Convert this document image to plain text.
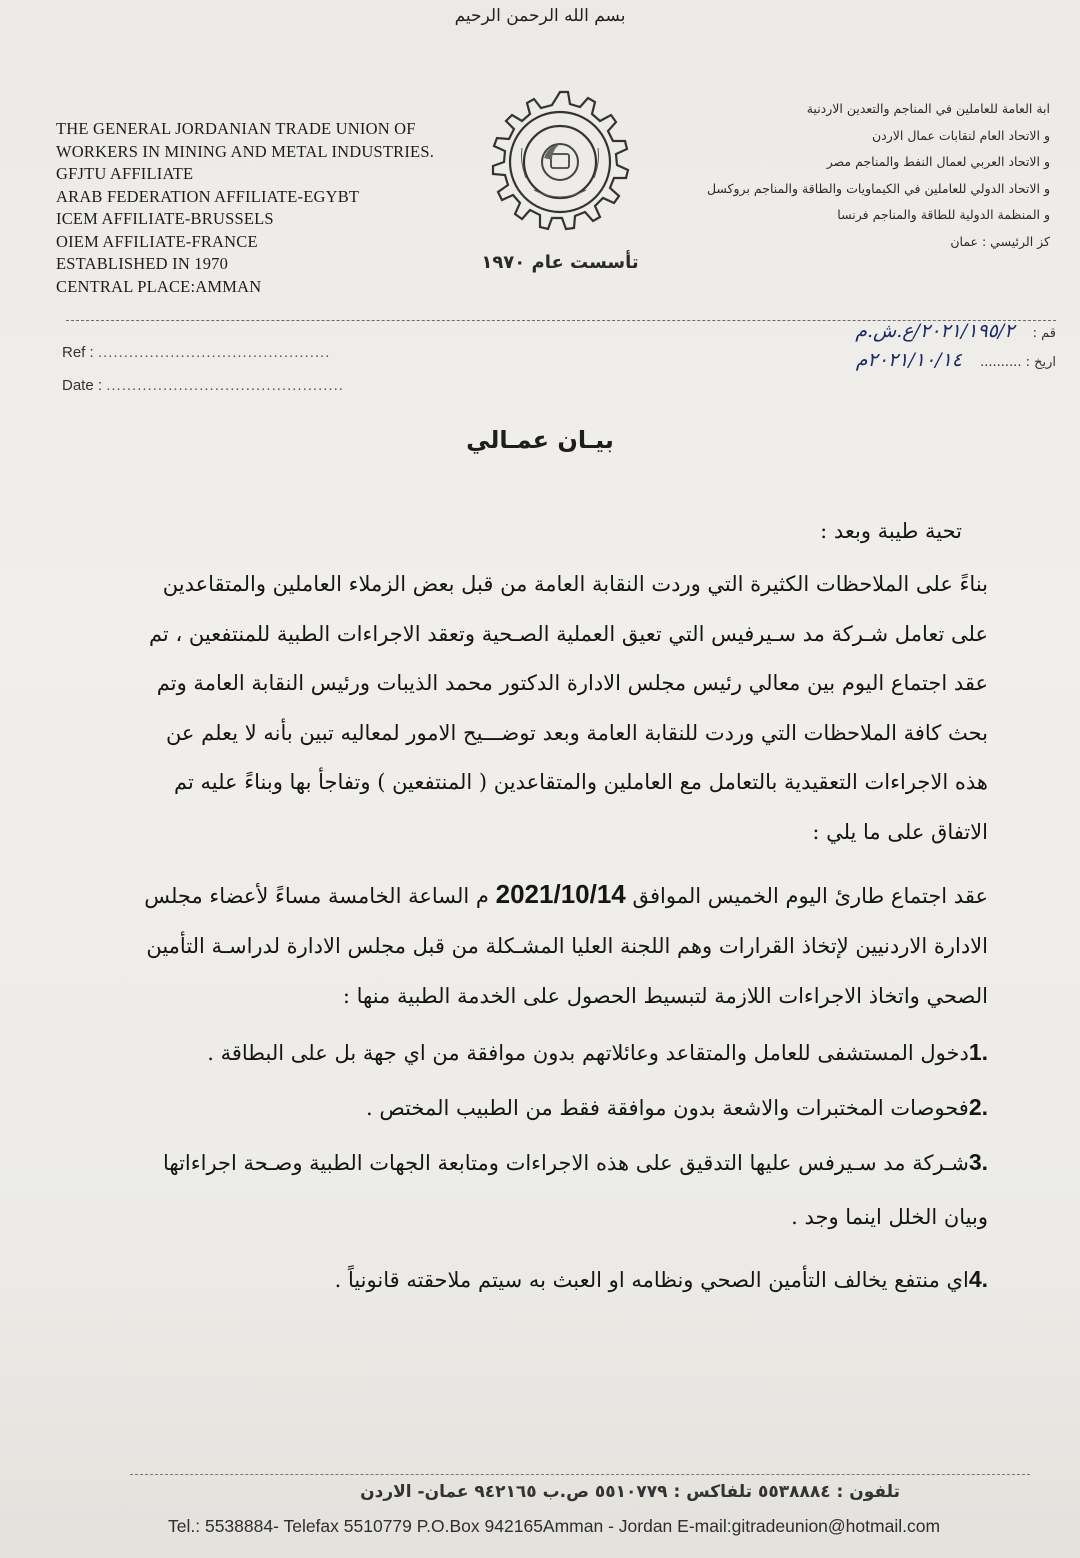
بسم الله الرحمن الرحيم
THE GENERAL JORDANIAN TRADE UNION OF
WORKERS IN MINING AND METAL INDUSTRIES.
GFJTU AFFILIATE
ARAB FEDERATION AFFILIATE-EGYBT
ICEM AFFILIATE-BRUSSELS
OIEM AFFILIATE-FRANCE
ESTABLISHED IN 1970
CENTRAL PLACE:AMMAN
تأسست عام ١٩٧٠
ابة العامة للعاملين في المناجم والتعدين الاردنية
و الاتحاد العام لنقابات عمال الاردن
و الاتحاد العربي لعمال النفط والمناجم مصر
و الاتحاد الدولي للعاملين في الكيماويات والطاقة والمناجم بروكسل
و المنظمة الدولية للطاقة والمناجم فرنسا
كز الرئيسي : عمان
Ref : .............................................
Date : ..............................................
قم : ٢٠٢١/١٩٥/٢/ع.ش.م
اريخ : .......... ٢٠٢١/١٠/١٤م
بيـان عمـالي

تحية طيبة وبعد :

بناءً على الملاحظات الكثيرة التي وردت النقابة العامة من قبل بعض الزملاء العاملين والمتقاعدين

على تعامل شـركة مد سـيرفيس التي تعيق العملية الصـحية وتعقد الاجراءات الطبية للمنتفعين ، تم

عقد اجتماع اليوم بين معالي رئيس مجلس الادارة الدكتور محمد الذيبات ورئيس النقابة العامة وتم

بحث كافة الملاحظات التي وردت للنقابة العامة وبعد توضـــيح الامور لمعاليه تبين بأنه لا يعلم عن

هذه الاجراءات التعقيدية بالتعامل مع العاملين والمتقاعدين ( المنتفعين ) وتفاجأ بها وبناءً عليه تم

الاتفاق على ما يلي :

عقد اجتماع طارئ اليوم الخميس الموافق 2021/10/14 م الساعة الخامسة مساءً لأعضاء مجلس

الادارة الاردنيين لإتخاذ القرارات وهم اللجنة العليا المشـكلة من قبل مجلس الادارة لدراسـة التأمين

الصحي واتخاذ الاجراءات اللازمة لتبسيط الحصول على الخدمة الطبية منها :

1.دخول المستشفى للعامل والمتقاعد وعائلاتهم بدون موافقة من اي جهة بل على البطاقة .

2.فحوصات المختبرات والاشعة بدون موافقة فقط من الطبيب المختص .

3.شـركة مد سـيرفس عليها التدقيق على هذه الاجراءات ومتابعة الجهات الطبية وصـحة اجراءاتها

وبيان الخلل اينما وجد .

4.اي منتفع يخالف التأمين الصحي ونظامه او العبث به سيتم ملاحقته قانونياً .

تلفون : ٥٥٣٨٨٨٤ تلفاكس : ٥٥١٠٧٧٩ ص.ب ٩٤٢١٦٥ عمان- الاردن
Tel.: 5538884- Telefax 5510779 P.O.Box 942165Amman - Jordan E-mail:gitradeunion@hotmail.com
